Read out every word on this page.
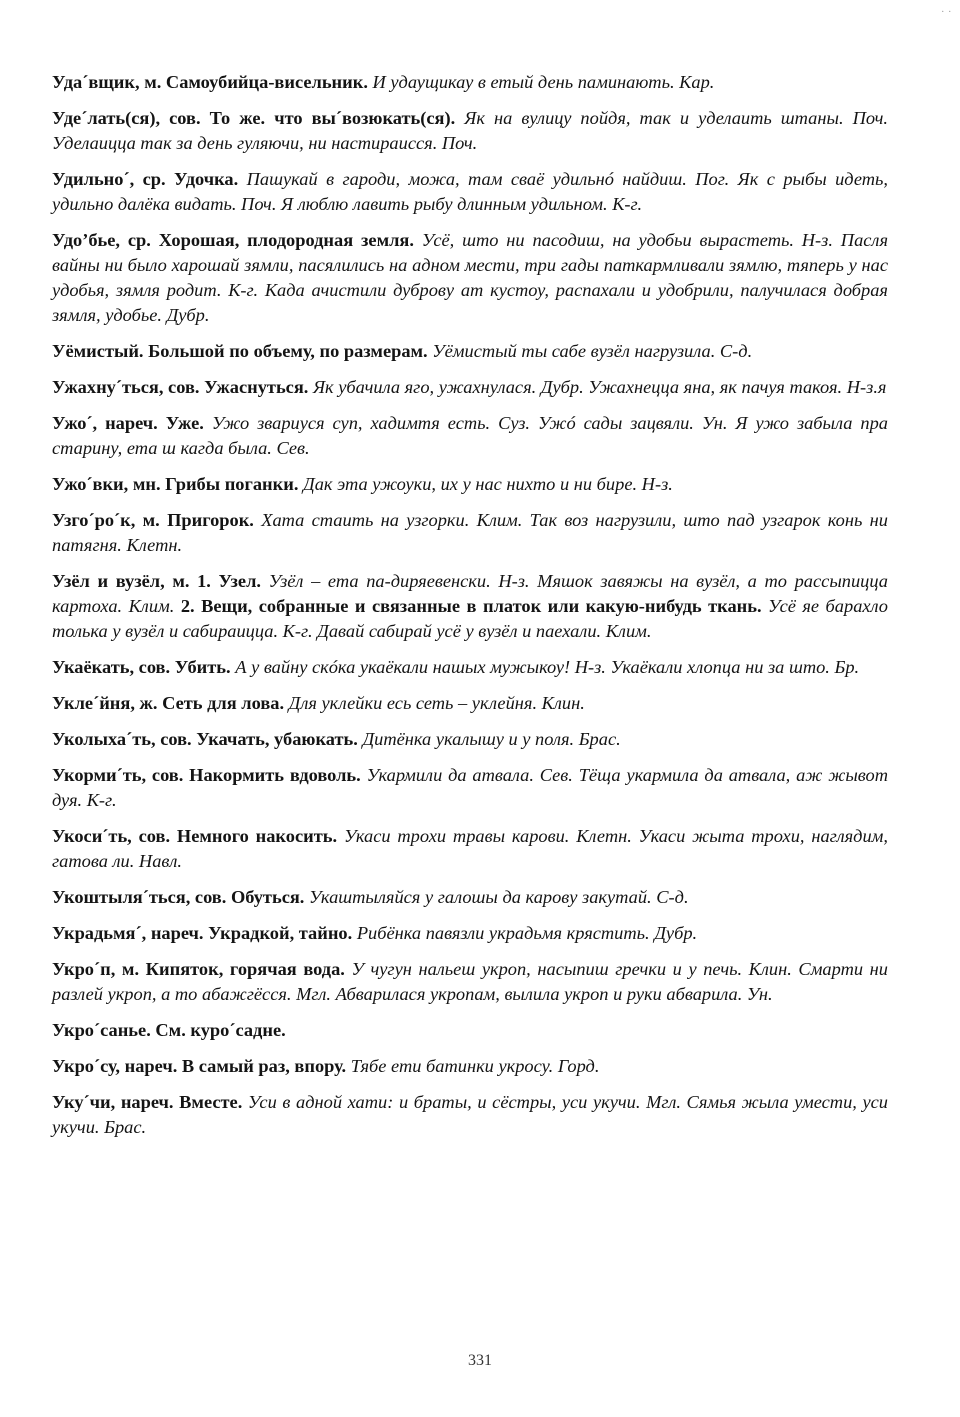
. .

Уда´вщик, м. Самоубийца-висельник. И удаущикау в етый день паминають. Кар.

Уде´лать(ся), сов. То же. что вы´возюкать(ся). Як на вулицу пойдя, так и уделаить штаны. Поч. Уделаицца так за день гуляючи, ни настираисся. Поч.

Удильно´, ср. Удочка. Пашукай в гароди, можа, там сваё удильнó найдиш. Пог. Як с рыбы идеть, удильно далёка видать. Поч. Я люблю лавить рыбу длинным удильном. К-г.

Удо’бье, ср. Хорошая, плодородная земля. Усё, што ни пасодиш, на удобьи вырастеть. Н-з. Пасля вайны ни было харошай зямли, пасялились на адном мести, три гады паткармливали зямлю, тяперь у нас удобья, зямля родит. К-г. Када ачистили дуброву ат кустоу, распахали и удобрили, палучилася добрая зямля, удобье. Дубр.

Уёмистый. Большой по объему, по размерам. Уёмистый ты сабе вузёл нагрузила. С-д.

Ужахну´ться, сов. Ужаснуться. Як убачила яго, ужахнулася. Дубр. Ужахнецца яна, як пачуя такоя. Н-з.я

Ужо´, нареч. Уже. Ужо звариуся суп, хадимтя есть. Суз. Ужó сады зацвяли. Ун. Я ужо забыла пра старину, ета ш кагда была. Сев.

Ужо´вки, мн. Грибы поганки. Дак эта ужоуки, их у нас нихто и ни бире. Н-з.

Узго´ро´к, м. Пригорок. Хата стаить на узгорки. Клим. Так воз нагрузили, што пад узгарок конь ни патягня. Клетн.

Узёл и вузёл, м. 1. Узел. Узёл – ета па-диряевенски. Н-з. Мяшок завяжы на вузёл, а то рассыпицца картоха. Клим. 2. Вещи, собранные и связанные в платок или какую-нибудь ткань. Усё яе барахло толька у вузёл и сабираицца. К-г. Давай сабирай усё у вузёл и паехали. Клим.

Укаёкать, сов. Убить. А у вайну скóка укаёкали нашых мужыкоу! Н-з. Укаёкали хлопца ни за што. Бр.

Укле´йня, ж. Сеть для лова. Для уклейки есь сеть – уклейня. Клин.

Уколыха´ть, сов. Укачать, убаюкать. Дитёнка укалышу и у поля. Брас.

Укорми´ть, сов. Накормить вдоволь. Укармили да атвала. Сев. Тёща укармила да атвала, аж жывот дуя. К-г.

Укоси´ть, сов. Немного накосить. Укаси трохи травы карови. Клетн. Укаси жыта трохи, наглядим, гатова ли. Навл.

Укоштыля´ться, сов. Обуться. Укаштыляйся у галошы да карову закутай. С-д.

Украдьмя´, нареч. Украдкой, тайно. Рибёнка павязли украдьмя крястить. Дубр.

Укро´п, м. Кипяток, горячая вода. У чугун нальеш укроп, насыпиш гречки и у печь. Клин. Смарти ни разлей укроп, а то абажгёсся. Мгл. Абварилася укропам, вылила укроп и руки абварила. Ун.

Укро´санье. См. куро´садне.

Укро´су, нареч. В самый раз, впору. Тябе ети батинки укросу. Горд.

Уку´чи, нареч. Вместе. Уси в адной хати: и браты, и сёстры, уси укучи. Мгл. Сямья жыла умести, уси укучи. Брас.

331
